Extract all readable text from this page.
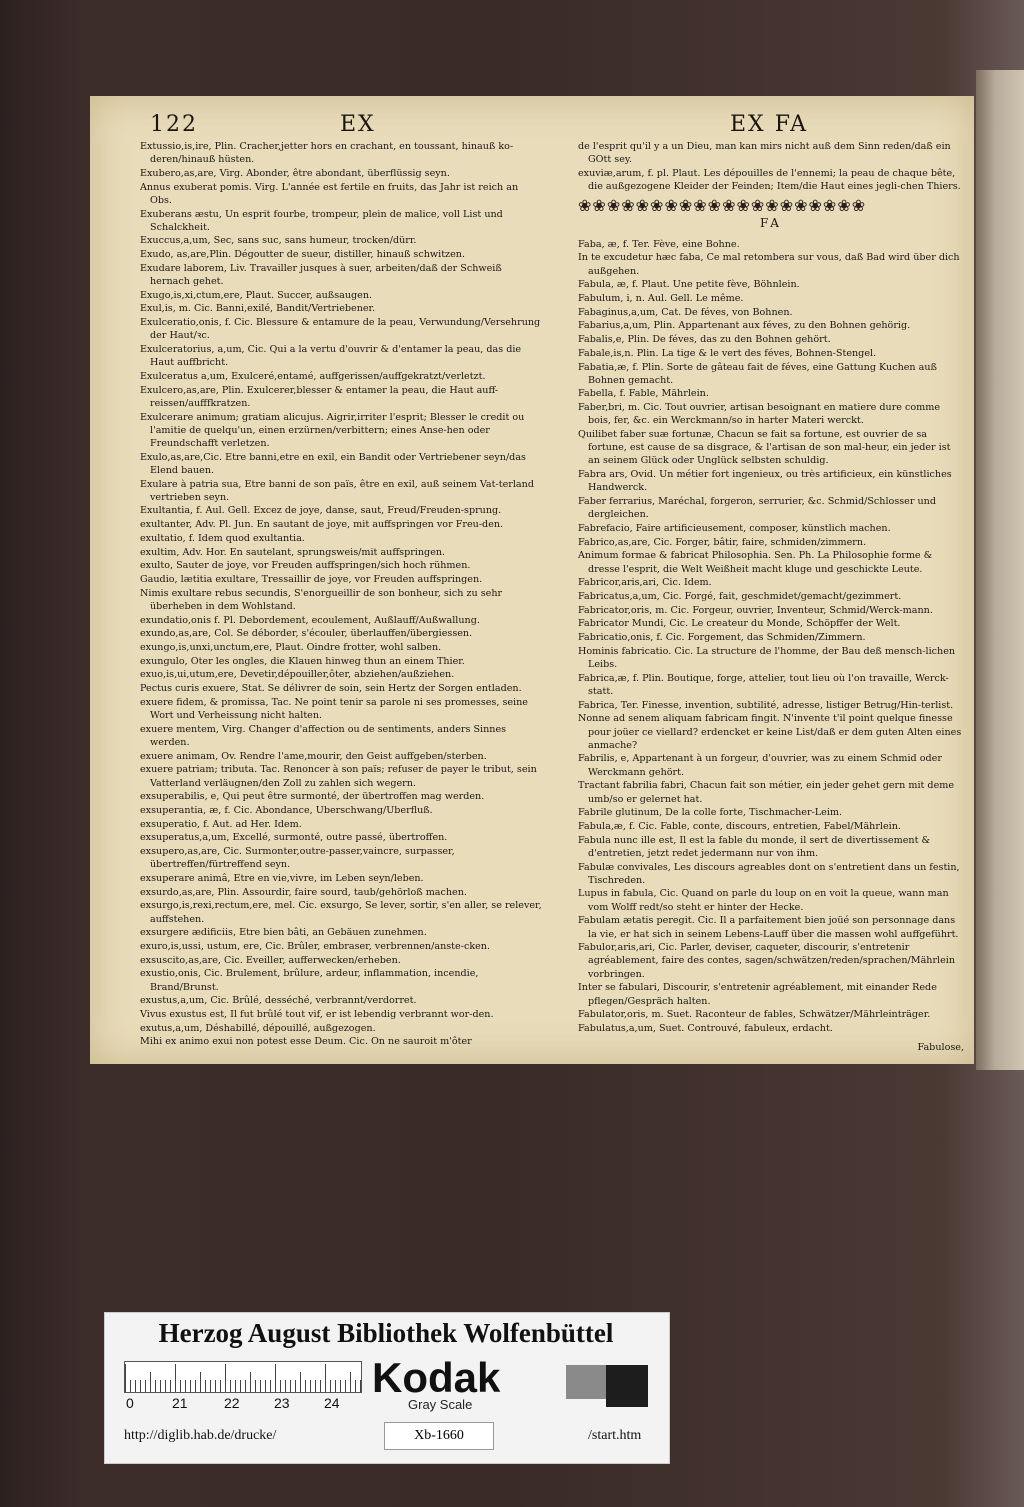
122	EX	EX FA
Extussio,is,ire, Plin. Cracher,jetter hors en crachant, en toussant, hinauß ko-deren/hinauß hüsten.
Exubero,as,are, Virg. Abonder, être abondant, überflüssig seyn.
Annus exuberat pomis. Virg. L'année est fertile en fruits, das Jahr ist reich an Obs.
Exuberans æstu, Un esprit fourbe, trompeur, plein de malice, voll List und Schalckheit.
Exuccus,a,um, Sec, sans suc, sans humeur, trocken/dürr.
Exudo, as,are,Plin. Dégoutter de sueur, distiller, hinauß schwitzen.
Exudare laborem, Liv. Travailler jusques à suer, arbeiten/daß der Schweiß hernach gehet.
Exugo,is,xi,ctum,ere, Plaut. Succer, außsaugen.
Exul,is, m. Cic. Banni,exilé, Bandit/Vertriebener.
Exulceratio,onis, f. Cic. Blessure & entamure de la peau, Verwundung/Versehrung der Haut/ꝛc.
Exulceratorius, a,um, Cic. Qui a la vertu d'ouvrir & d'entamer la peau, das die Haut auffbricht.
Exulceratus a,um, Exulceré,entamé, auffgerissen/auffgekratzt/verletzt.
Exulcero,as,are, Plin. Exulcerer,blesser & entamer la peau, die Haut auff-reissen/aufffkratzen.
Exulcerare animum; gratiam alicujus. Aigrir,irriter l'esprit; Blesser le credit ou l'amitie de quelqu'un, einen erzürnen/verbittern; eines Anse-hen oder Freundschafft verletzen.
Exulo,as,are,Cic. Etre banni,etre en exil, ein Bandit oder Vertriebener seyn/das Elend bauen.
Exulare à patria sua, Etre banni de son païs, être en exil, auß seinem Vat-terland vertrieben seyn.
Exultantia, f. Aul. Gell. Excez de joye, danse, saut, Freud/Freuden-sprung.
exultanter, Adv. Pl. Jun. En sautant de joye, mit auffspringen vor Freu-den.
exultatio, f. Idem quod exultantia.
exultim, Adv. Hor. En sautelant, sprungsweis/mit auffspringen.
exulto, Sauter de joye, vor Freuden auffspringen/sich hoch rühmen.
Gaudio, lætitia exultare, Tressaillir de joye, vor Freuden auffspringen.
Nimis exultare rebus secundis, S'enorgueillir de son bonheur, sich zu sehr überheben in dem Wohlstand.
exundatio,onis f. Pl. Debordement, ecoulement, Außlauff/Außwallung.
exundo,as,are, Col. Se déborder, s'écouler, überlauffen/übergiessen.
exungo,is,unxi,unctum,ere, Plaut. Oindre frotter, wohl salben.
exungulo, Oter les ongles, die Klauen hinweg thun an einem Thier.
exuo,is,ui,utum,ere, Devetir,dépouiller,ôter, abziehen/außziehen.
Pectus curis exuere, Stat. Se délivrer de soin, sein Hertz der Sorgen entladen.
exuere fidem, & promissa, Tac. Ne point tenir sa parole ni ses promesses, seine Wort und Verheissung nicht halten.
exuere mentem, Virg. Changer d'affection ou de sentiments, anders Sinnes werden.
exuere animam, Ov. Rendre l'ame,mourir, den Geist auffgeben/sterben.
exuere patriam; tributa. Tac. Renoncer à son païs; refuser de payer le tribut, sein Vatterland verläugnen/den Zoll zu zahlen sich wegern.
exsuperabilis, e, Qui peut être surmonté, der übertroffen mag werden.
exsuperantia, æ, f. Cic. Abondance, Uberschwang/Uberfluß.
exsuperatio, f. Aut. ad Her. Idem.
exsuperatus,a,um, Excellé, surmonté, outre passé, übertroffen.
exsupero,as,are, Cic. Surmonter,outre-passer,vaincre, surpasser, übertreffen/fürtreffend seyn.
exsuperare animâ, Etre en vie,vivre, im Leben seyn/leben.
exsurdo,as,are, Plin. Assourdir, faire sourd, taub/gehörloß machen.
exsurgo,is,rexi,rectum,ere, mel. Cic. exsurgo, Se lever, sortir, s'en aller, se relever, auffstehen.
exsurgere ædificiis, Etre bien bâti, an Gebäuen zunehmen.
exuro,is,ussi, ustum, ere, Cic. Brûler, embraser, verbrennen/anste-cken.
exsuscito,as,are, Cic. Eveiller, aufferwecken/erheben.
exustio,onis, Cic. Brulement, brûlure, ardeur, inflammation, incendie, Brand/Brunst.
exustus,a,um, Cic. Brûlé, desséché, verbrannt/verdorret.
Vivus exustus est, Il fut brûlé tout vif, er ist lebendig verbrannt wor-den.
exutus,a,um, Déshabillé, dépouillé, außgezogen.
Mihi ex animo exui non potest esse Deum. Cic. On ne sauroit m'ôter
de l'esprit qu'il y a un Dieu, man kan mirs nicht auß dem Sinn reden/daß ein GOtt sey.
exuviæ,arum, f. pl. Plaut. Les dépouilles de l'ennemi; la peau de chaque bête, die außgezogene Kleider der Feinden; Item/die Haut eines jegli-chen Thiers.
❀❀❀❀❀❀❀❀❀❀❀❀❀❀❀❀❀❀❀❀
FA
Faba, æ, f. Ter. Fève, eine Bohne.
In te excudetur hæc faba, Ce mal retombera sur vous, daß Bad wird über dich außgehen.
Fabula, æ, f. Plaut. Une petite fève, Böhnlein.
Fabulum, i, n. Aul. Gell. Le même.
Fabaginus,a,um, Cat. De féves, von Bohnen.
Fabarius,a,um, Plin. Appartenant aux féves, zu den Bohnen gehörig.
Fabalis,e, Plin. De féves, das zu den Bohnen gehört.
Fabale,is,n. Plin. La tige & le vert des féves, Bohnen-Stengel.
Fabatia,æ, f. Plin. Sorte de gâteau fait de féves, eine Gattung Kuchen auß Bohnen gemacht.
Fabella, f. Fable, Mährlein.
Faber,bri, m. Cic. Tout ouvrier, artisan besoignant en matiere dure comme bois, fer, &c. ein Werckmann/so in harter Materi werckt.
Quilibet faber suæ fortunæ, Chacun se fait sa fortune, est ouvrier de sa fortune, est cause de sa disgrace, & l'artisan de son mal-heur, ein jeder ist an seinem Glück oder Unglück selbsten schuldig.
Fabra ars, Ovid. Un métier fort ingenieux, ou très artificieux, ein künstliches Handwerck.
Faber ferrarius, Maréchal, forgeron, serrurier, &c. Schmid/Schlosser und dergleichen.
Fabrefacio, Faire artificieusement, composer, künstlich machen.
Fabrico,as,are, Cic. Forger, bâtir, faire, schmiden/zimmern.
Animum formae & fabricat Philosophia. Sen. Ph. La Philosophie forme & dresse l'esprit, die Welt Weißheit macht kluge und geschickte Leute.
Fabricor,aris,ari, Cic. Idem.
Fabricatus,a,um, Cic. Forgé, fait, geschmidet/gemacht/gezimmert.
Fabricator,oris, m. Cic. Forgeur, ouvrier, Inventeur, Schmid/Werck-mann.
Fabricator Mundi, Cic. Le createur du Monde, Schöpffer der Welt.
Fabricatio,onis, f. Cic. Forgement, das Schmiden/Zimmern.
Hominis fabricatio. Cic. La structure de l'homme, der Bau deß mensch-lichen Leibs.
Fabrica,æ, f. Plin. Boutique, forge, attelier, tout lieu où l'on travaille, Werck-statt.
Fabrica, Ter. Finesse, invention, subtilité, adresse, listiger Betrug/Hin-terlist.
Nonne ad senem aliquam fabricam fingit. N'invente t'il point quelque finesse pour joüer ce viellard? erdencket er keine List/daß er dem guten Alten eines anmache?
Fabrilis, e, Appartenant à un forgeur, d'ouvrier, was zu einem Schmid oder Werckmann gehört.
Tractant fabrilia fabri, Chacun fait son métier, ein jeder gehet gern mit deme umb/so er gelernet hat.
Fabrile glutinum, De la colle forte, Tischmacher-Leim.
Fabula,æ, f. Cic. Fable, conte, discours, entretien, Fabel/Mährlein.
Fabula nunc ille est, Il est la fable du monde, il sert de divertissement & d'entretien, jetzt redet jedermann nur von ihm.
Fabulæ convivales, Les discours agreables dont on s'entretient dans un festin, Tischreden.
Lupus in fabula, Cic. Quand on parle du loup on en voit la queue, wann man vom Wolff redt/so steht er hinter der Hecke.
Fabulam ætatis peregit. Cic. Il a parfaitement bien joüé son personnage dans la vie, er hat sich in seinem Lebens-Lauff über die massen wohl auffgeführt.
Fabulor,aris,ari, Cic. Parler, deviser, caqueter, discourir, s'entretenir agréablement, faire des contes, sagen/schwätzen/reden/sprachen/Mährlein vorbringen.
Inter se fabulari, Discourir, s'entretenir agréablement, mit einander Rede pflegen/Gespräch halten.
Fabulator,oris, m. Suet. Raconteur de fables, Schwätzer/Mährleinträger.
Fabulatus,a,um, Suet. Controuvé, fabuleux, erdacht.
Fabulose,
Herzog August Bibliothek Wolfenbüttel
0	21	22 23 24
Kodak
Gray Scale
http://diglib.hab.de/drucke/	Xb-1660	/start.htm
